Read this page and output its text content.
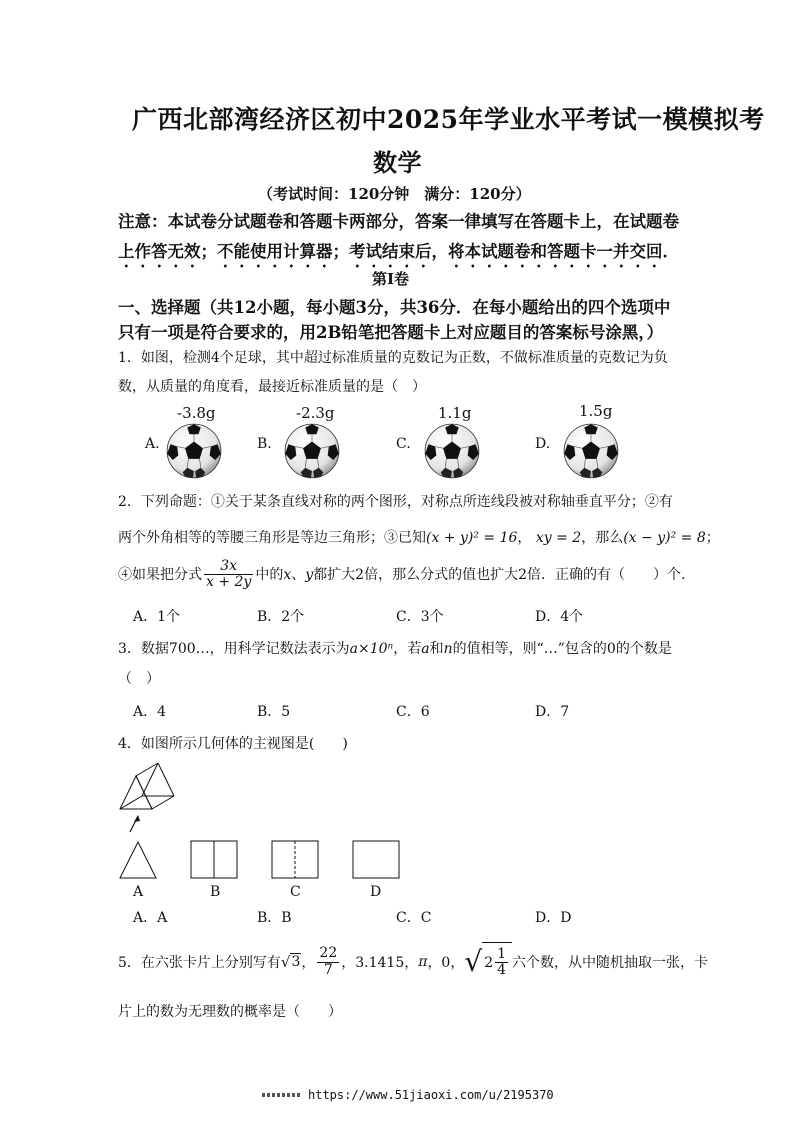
广西北部湾经济区初中2025年学业水平考试一模模拟考
数学
（考试时间：120分钟　满分：120分）
注意：本试卷分试题卷和答题卡两部分，答案一律填写在答题卡上，在试题卷
上作答无效；不能使用计算器；考试结束后，将本试题卷和答题卡一并交回．
第Ⅰ卷
一、选择题（共12小题，每小题3分，共36分．在每小题给出的四个选项中
只有一项是符合要求的，用2B铅笔把答题卡上对应题目的答案标号涂黑，）
1．如图，检测4个足球，其中超过标准质量的克数记为正数，不做标准质量的克数记为负
数，从质量的角度看，最接近标准质量的是（　）
A.
-3.8g
B.
-2.3g
C.
1.1g
D.
1.5g
2．下列命题：①关于某条直线对称的两个图形，对称点所连线段被对称轴垂直平分；②有
两个外角相等的等腰三角形是等边三角形；③已知(x + y)² = 16， xy = 2，那么(x − y)² = 8；
④如果把分式 $\frac{3x}{x + 2y}$ 中的x、y都扩大2倍，那么分式的值也扩大2倍．正确的有（　　）个.
A．1个	B．2个	C．3个	D．4个
3．数据700…，用科学记数法表示为a×10ⁿ，若a和n的值相等，则“…”包含的0的个数是
（　）
A．4	B．5	C．6	D．7
4．如图所示几何体的主视图是(　　)
A	B	C	D
A．A	B．B	C．C	D．D
5．在六张卡片上分别写有 √ 3 ， $\frac{22}{7}$ ，3.1415， π ，0， √ $2 \frac{1}{4}$ 六个数，从中随机抽取一张，卡
片上的数为无理数的概率是（　　）
https://www.51jiaoxi.com/u/2195370
